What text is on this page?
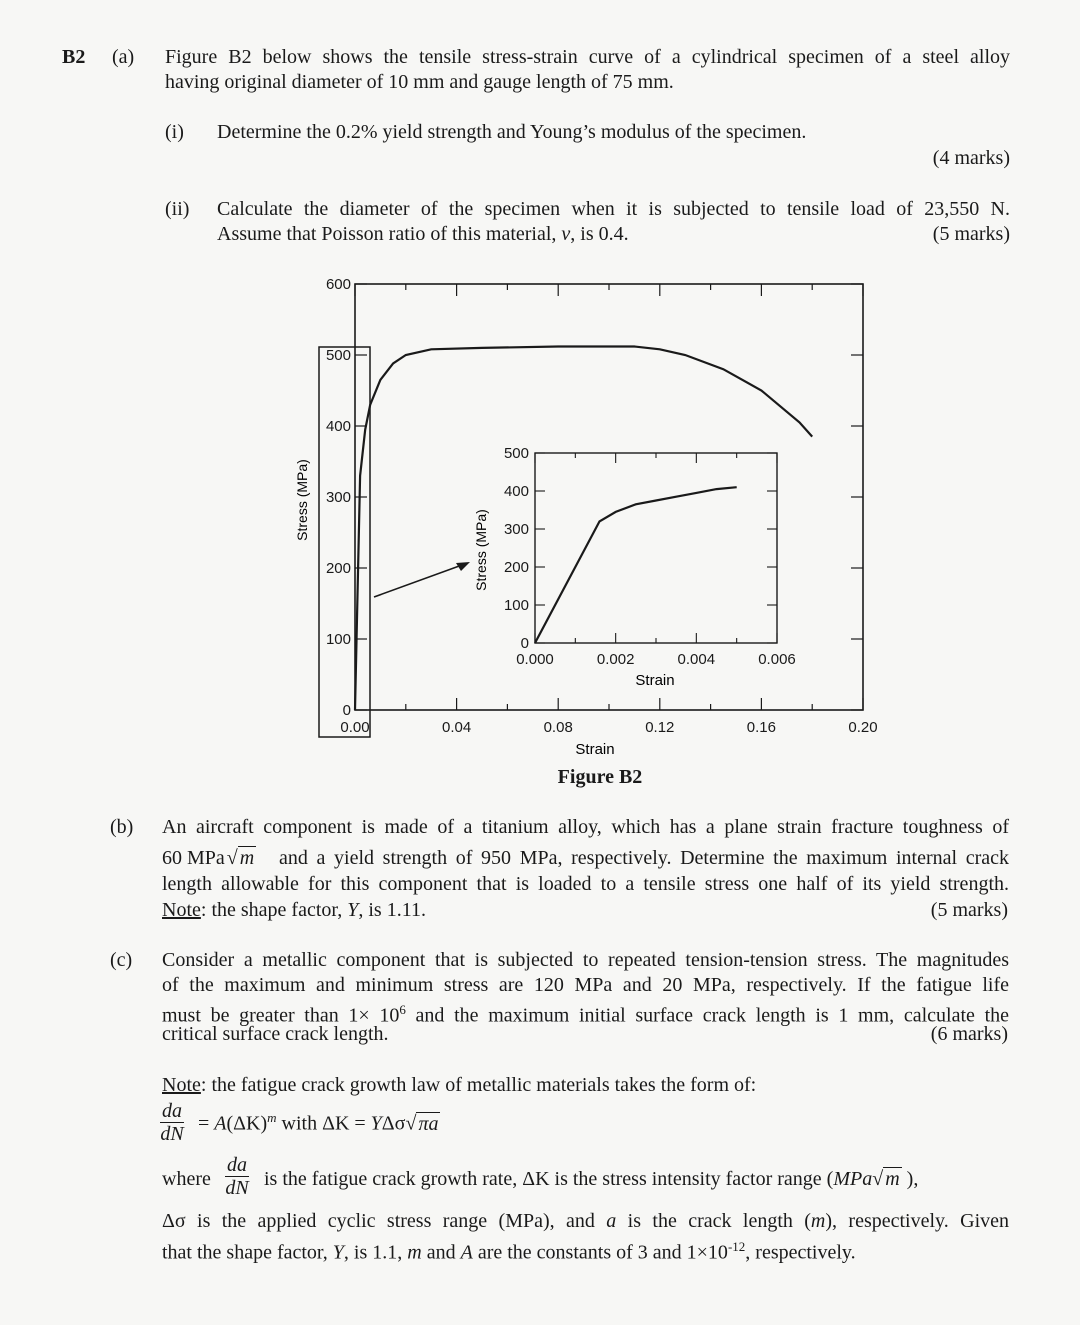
B2 (a) Figure B2 below shows the tensile stress-strain curve of a cylindrical specimen of a steel alloy
having original diameter of 10 mm and gauge length of 75 mm.
(i) Determine the 0.2% yield strength and Young’s modulus of the specimen.
(4 marks)
(ii) Calculate the diameter of the specimen when it is subjected to tensile load of 23,550 N.
Assume that Poisson ratio of this material, v, is 0.4.	(5 marks)
0
100
200
300
400
500
600
0.00	0.04	0.08	0.12	0.16	0.20
0
100
200
300
400
500
0.000	0.002	0.004	0.006
Strain
Stress (MPa)
Strain
Stress (MPa)
Figure B2
(b) An aircraft component is made of a titanium alloy, which has a plane strain fracture toughness of
60 MPa √ m and a yield strength of 950 MPa, respectively. Determine the maximum internal crack
length allowable for this component that is loaded to a tensile stress one half of its yield strength.
Note: the shape factor, Y, is 1.11.	(5 marks)
(c) Consider a metallic component that is subjected to repeated tension-tension stress. The magnitudes
of the maximum and minimum stress are 120 MPa and 20 MPa, respectively. If the fatigue life
must be greater than $1\times 10^6$ and the maximum initial surface crack length is 1 mm, calculate the
critical surface crack length.	(6 marks)
Note: the fatigue crack growth law of metallic materials takes the form of:
$\frac{da}{dN} = A(\Delta K)^m$ with ΔK = YΔσ√ πa
where $\frac{da}{dN}$ is the fatigue crack growth rate, ΔK is the stress intensity factor range (MPa√ m ),
Δσ is the applied cyclic stress range (MPa), and a is the crack length (m), respectively. Given
that the shape factor, Y, is 1.1, m and A are the constants of 3 and $1\times 10^{-12}$, respectively.
